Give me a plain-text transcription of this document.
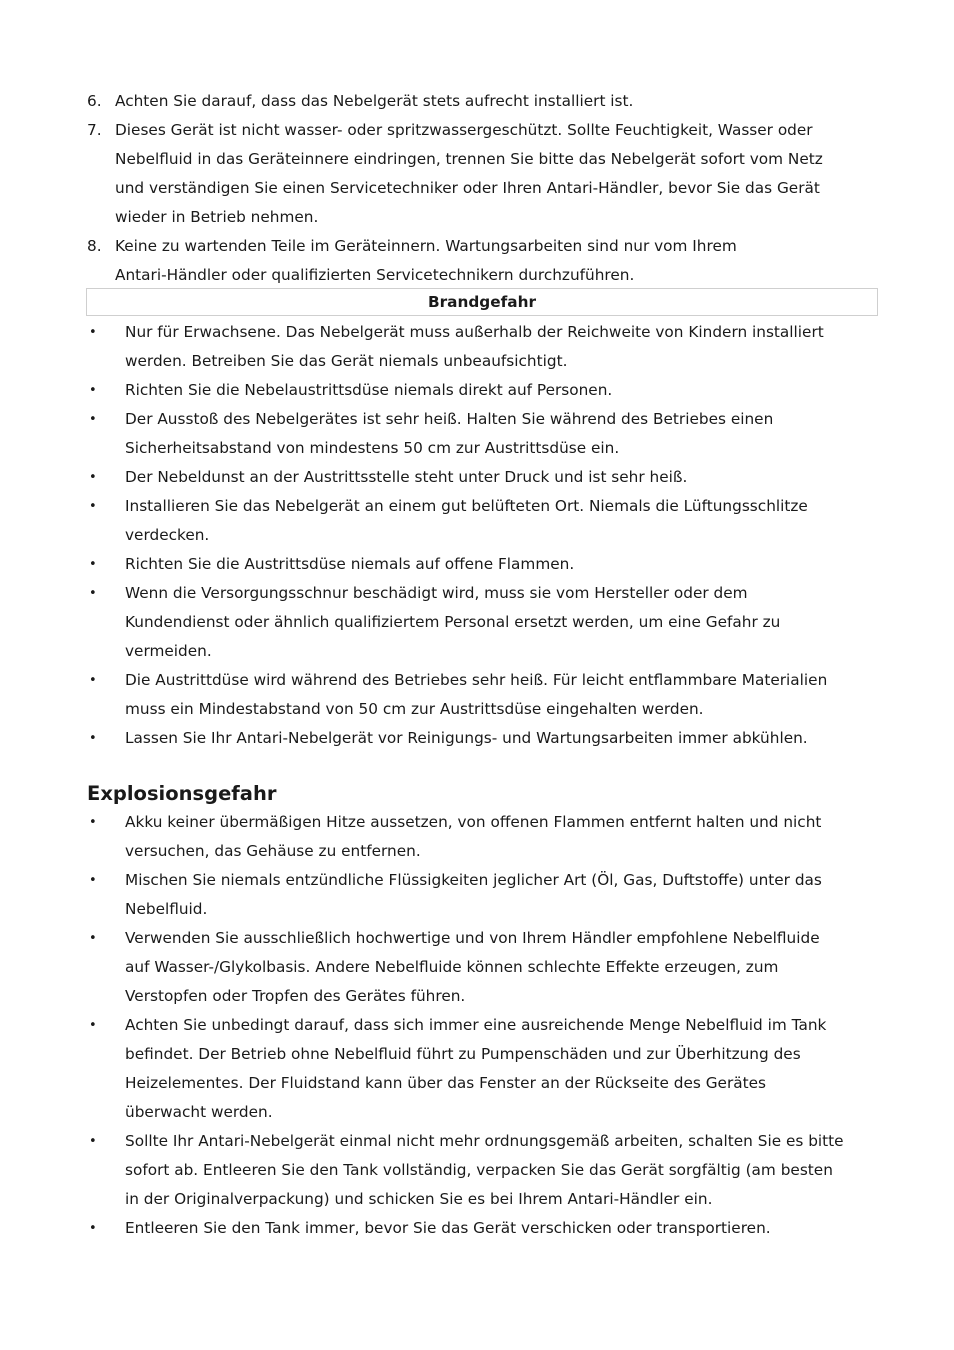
6. Achten Sie darauf, dass das Nebelgerät stets aufrecht installiert ist.
7. Dieses Gerät ist nicht wasser- oder spritzwassergeschützt. Sollte Feuchtigkeit, Wasser oder
Nebelfluid in das Geräteinnere eindringen, trennen Sie bitte das Nebelgerät sofort vom Netz
und verständigen Sie einen Servicetechniker oder Ihren Antari-Händler, bevor Sie das Gerät
wieder in Betrieb nehmen.
8. Keine zu wartenden Teile im Geräteinnern. Wartungsarbeiten sind nur vom Ihrem
Antari-Händler oder qualifizierten Servicetechnikern durchzuführen.
Brandgefahr
• Nur für Erwachsene. Das Nebelgerät muss außerhalb der Reichweite von Kindern installiert
werden. Betreiben Sie das Gerät niemals unbeaufsichtigt.
• Richten Sie die Nebelaustrittsdüse niemals direkt auf Personen.
• Der Ausstoß des Nebelgerätes ist sehr heiß. Halten Sie während des Betriebes einen
Sicherheitsabstand von mindestens 50 cm zur Austrittsdüse ein.
• Der Nebeldunst an der Austrittsstelle steht unter Druck und ist sehr heiß.
• Installieren Sie das Nebelgerät an einem gut belüfteten Ort. Niemals die Lüftungsschlitze
verdecken.
• Richten Sie die Austrittsdüse niemals auf offene Flammen.
• Wenn die Versorgungsschnur beschädigt wird, muss sie vom Hersteller oder dem
Kundendienst oder ähnlich qualifiziertem Personal ersetzt werden, um eine Gefahr zu
vermeiden.
• Die Austrittdüse wird während des Betriebes sehr heiß. Für leicht entflammbare Materialien
muss ein Mindestabstand von 50 cm zur Austrittsdüse eingehalten werden.
• Lassen Sie Ihr Antari-Nebelgerät vor Reinigungs- und Wartungsarbeiten immer abkühlen.
Explosionsgefahr
• Akku keiner übermäßigen Hitze aussetzen, von offenen Flammen entfernt halten und nicht
versuchen, das Gehäuse zu entfernen.
• Mischen Sie niemals entzündliche Flüssigkeiten jeglicher Art (Öl, Gas, Duftstoffe) unter das
Nebelfluid.
• Verwenden Sie ausschließlich hochwertige und von Ihrem Händler empfohlene Nebelfluide
auf Wasser-/Glykolbasis. Andere Nebelfluide können schlechte Effekte erzeugen, zum
Verstopfen oder Tropfen des Gerätes führen.
• Achten Sie unbedingt darauf, dass sich immer eine ausreichende Menge Nebelfluid im Tank
befindet. Der Betrieb ohne Nebelfluid führt zu Pumpenschäden und zur Überhitzung des
Heizelementes. Der Fluidstand kann über das Fenster an der Rückseite des Gerätes
überwacht werden.
• Sollte Ihr Antari-Nebelgerät einmal nicht mehr ordnungsgemäß arbeiten, schalten Sie es bitte
sofort ab. Entleeren Sie den Tank vollständig, verpacken Sie das Gerät sorgfältig (am besten
in der Originalverpackung) und schicken Sie es bei Ihrem Antari-Händler ein.
• Entleeren Sie den Tank immer, bevor Sie das Gerät verschicken oder transportieren.
